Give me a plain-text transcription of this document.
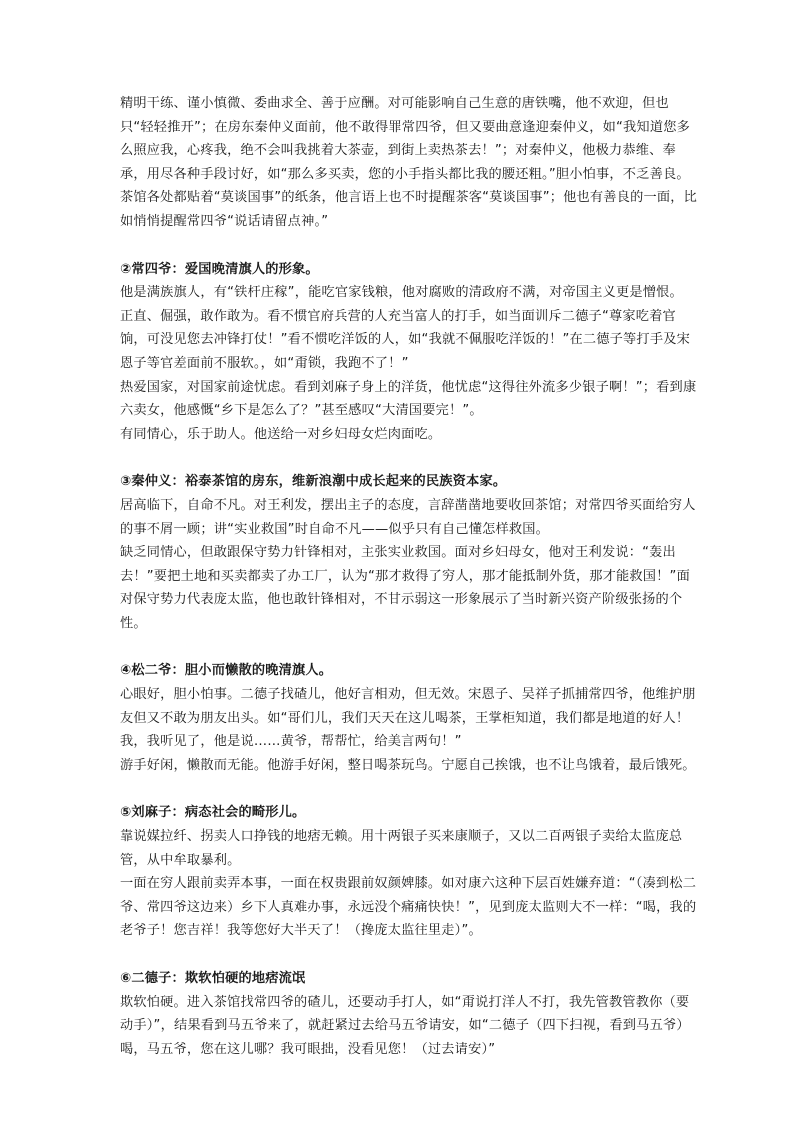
精明干练、谨小慎微、委曲求全、善于应酬。对可能影响自己生意的唐铁嘴，他不欢迎，但也只“轻轻推开”；在房东秦仲义面前，他不敢得罪常四爷，但又要曲意逢迎秦仲义，如“我知道您多么照应我，心疼我，绝不会叫我挑着大茶壶，到街上卖热茶去！”；对秦仲义，他极力恭维、奉承，用尽各种手段讨好，如“那么多买卖，您的小手指头都比我的腰还粗。”胆小怕事，不乏善良。茶馆各处都贴着“莫谈国事”的纸条，他言语上也不时提醒茶客“莫谈国事”；他也有善良的一面，比如悄悄提醒常四爷“说话请留点神。”

②常四爷：爱国晚清旗人的形象。

他是满族旗人，有“铁杆庄稼”，能吃官家钱粮，他对腐败的清政府不满，对帝国主义更是憎恨。

正直、倔强，敢作敢为。看不惯官府兵营的人充当富人的打手，如当面训斥二德子“尊家吃着官饷，可没见您去冲锋打仗！”看不惯吃洋饭的人，如“我就不佩服吃洋饭的！”在二德子等打手及宋恩子等官差面前不服软。，如“甭锁，我跑不了！”

热爱国家，对国家前途忧虑。看到刘麻子身上的洋货，他忧虑“这得往外流多少银子啊！”；看到康六卖女，他感慨“乡下是怎么了？”甚至感叹“大清国要完！”。

有同情心，乐于助人。他送给一对乡妇母女烂肉面吃。

③秦仲义：裕泰茶馆的房东，维新浪潮中成长起来的民族资本家。

居高临下，自命不凡。对王利发，摆出主子的态度，言辞凿凿地要收回茶馆；对常四爷买面给穷人的事不屑一顾；讲“实业救国”时自命不凡——似乎只有自己懂怎样救国。

缺乏同情心，但敢跟保守势力针锋相对，主张实业救国。面对乡妇母女，他对王利发说：“轰出去！”要把土地和买卖都卖了办工厂，认为“那才救得了穷人，那才能抵制外货，那才能救国！”面对保守势力代表庞太监，他也敢针锋相对，不甘示弱这一形象展示了当时新兴资产阶级张扬的个性。

④松二爷：胆小而懒散的晚清旗人。

心眼好，胆小怕事。二德子找碴儿，他好言相劝，但无效。宋恩子、吴祥子抓捕常四爷，他维护朋友但又不敢为朋友出头。如“哥们儿，我们天天在这儿喝茶，王掌柜知道，我们都是地道的好人！我，我听见了，他是说……黄爷，帮帮忙，给美言两句！”

游手好闲，懒散而无能。他游手好闲，整日喝茶玩鸟。宁愿自己挨饿，也不让鸟饿着，最后饿死。

⑤刘麻子：病态社会的畸形儿。

靠说媒拉纤、拐卖人口挣钱的地痞无赖。用十两银子买来康顺子，又以二百两银子卖给太监庞总管，从中牟取暴利。

一面在穷人跟前卖弄本事，一面在权贵跟前奴颜婢膝。如对康六这种下层百姓嫌弃道：“（凑到松二爷、常四爷这边来）乡下人真难办事，永远没个痛痛快快！”，见到庞太监则大不一样：“喝，我的老爷子！您吉祥！我等您好大半天了！（搀庞太监往里走）”。

⑥二德子：欺软怕硬的地痞流氓

欺软怕硬。进入茶馆找常四爷的碴儿，还要动手打人，如“甭说打洋人不打，我先管教管教你（要动手）”，结果看到马五爷来了，就赶紧过去给马五爷请安，如“二德子（四下扫视，看到马五爷）喝，马五爷，您在这儿哪？我可眼拙，没看见您！（过去请安）”
